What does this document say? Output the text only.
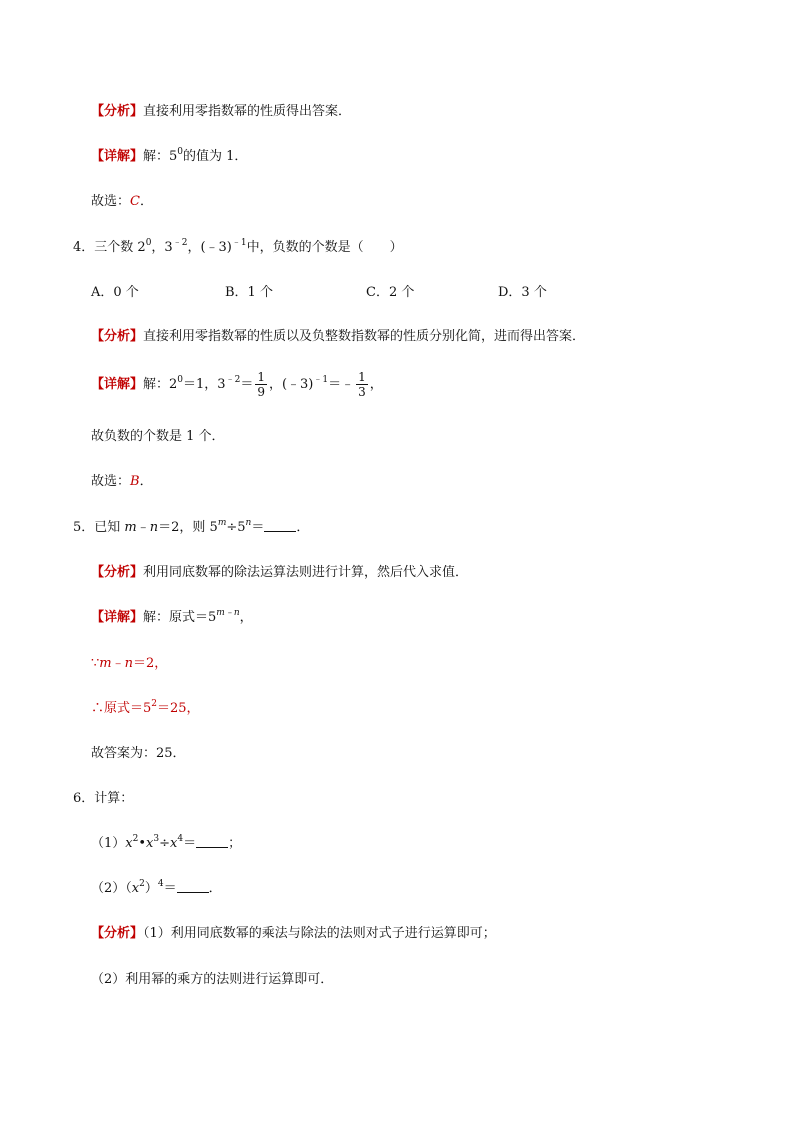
【分析】直接利用零指数幂的性质得出答案．
【详解】解：$5^0$的值为 1．
故选：C．
4．三个数 $2^0$，$3^{﹣2}$，(﹣3)$^{﹣1}$中，负数的个数是（　　）
A．0 个	B．1 个	C．2 个	D．3 个
【分析】直接利用零指数幂的性质以及负整数指数幂的性质分别化简，进而得出答案．
【详解】解：$2^0=1$，$3^{﹣2}= \frac{1}{9}$ ，(﹣3)$^{﹣1}$＝﹣ $\frac{1}{3}$ ，
故负数的个数是 1 个．
故选：B．
5．已知 m﹣n＝2，则 $5^m\div 5^n=$ ．
【分析】利用同底数幂的除法运算法则进行计算，然后代入求值．
【详解】解：原式$=5^{m﹣n}$，
∵m﹣n＝2，
∴原式$=5^2=25$，
故答案为：25．
6．计算：
$(1)x^2•x^3\div x^4=$ ；
$(2)(x^2)^4=$ ．
【分析】（1）利用同底数幂的乘法与除法的法则对式子进行运算即可；
（2）利用幂的乘方的法则进行运算即可．
